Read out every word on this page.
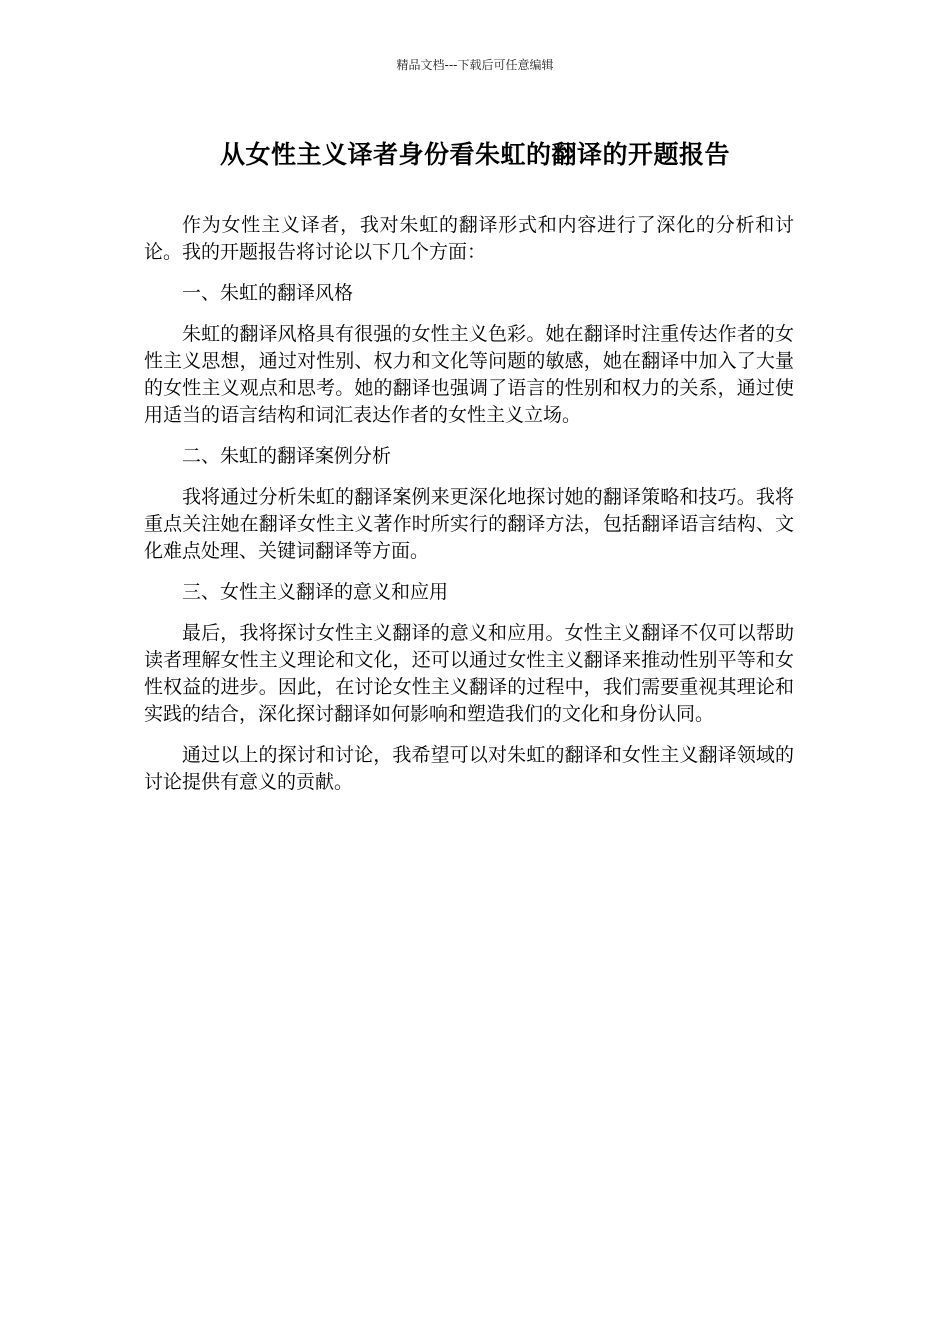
精品文档---下载后可任意编辑
从女性主义译者身份看朱虹的翻译的开题报告

作为女性主义译者，我对朱虹的翻译形式和内容进行了深化的分析和讨论。我的开题报告将讨论以下几个方面：

一、朱虹的翻译风格

朱虹的翻译风格具有很强的女性主义色彩。她在翻译时注重传达作者的女性主义思想，通过对性别、权力和文化等问题的敏感，她在翻译中加入了大量的女性主义观点和思考。她的翻译也强调了语言的性别和权力的关系，通过使用适当的语言结构和词汇表达作者的女性主义立场。

二、朱虹的翻译案例分析

我将通过分析朱虹的翻译案例来更深化地探讨她的翻译策略和技巧。我将重点关注她在翻译女性主义著作时所实行的翻译方法，包括翻译语言结构、文化难点处理、关键词翻译等方面。

三、女性主义翻译的意义和应用

最后，我将探讨女性主义翻译的意义和应用。女性主义翻译不仅可以帮助读者理解女性主义理论和文化，还可以通过女性主义翻译来推动性别平等和女性权益的进步。因此，在讨论女性主义翻译的过程中，我们需要重视其理论和实践的结合，深化探讨翻译如何影响和塑造我们的文化和身份认同。

通过以上的探讨和讨论，我希望可以对朱虹的翻译和女性主义翻译领域的讨论提供有意义的贡献。
